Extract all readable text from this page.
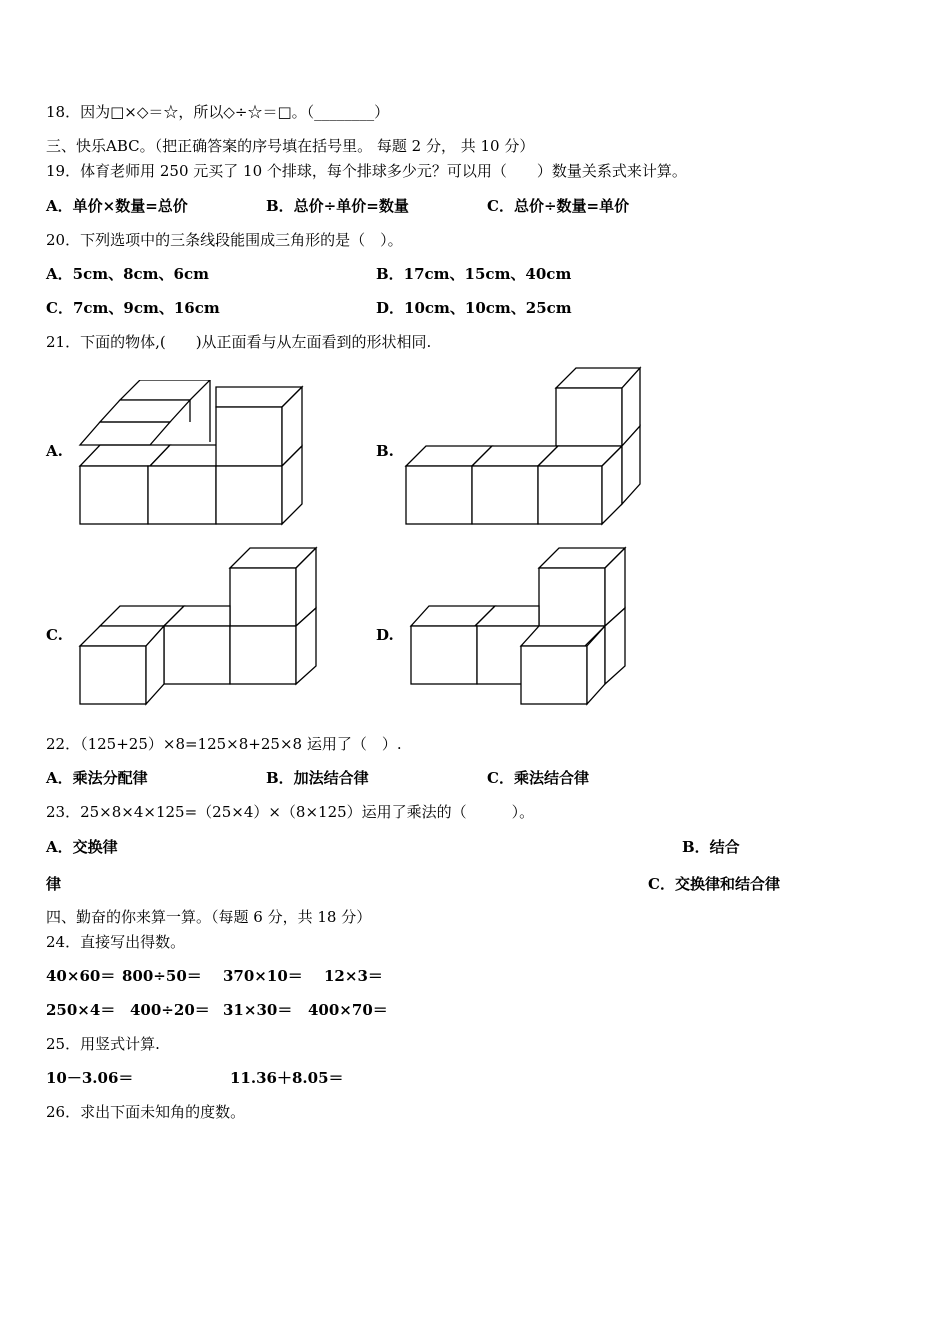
18．因为□×◇＝☆，所以◇÷☆＝□。（________）
三、快乐ABC。（把正确答案的序号填在括号里。 每题 2 分， 共 10 分）
19．体育老师用 250 元买了 10 个排球，每个排球多少元？可以用（　　）数量关系式来计算。
A．单价×数量=总价	B．总价÷单价=数量	C．总价÷数量=单价
20．下列选项中的三条线段能围成三角形的是（　）。
A．5cm、8cm、6cm	B．17cm、15cm、40cm
C．7cm、9cm、16cm	D．10cm、10cm、25cm
21．下面的物体,(　　)从正面看与从左面看到的形状相同.
A.	B.
C.	D.
22．（125+25）×8=125×8+25×8 运用了（　）.
A．乘法分配律	B．加法结合律	C．乘法结合律
23．25×8×4×125=（25×4）×（8×125）运用了乘法的（　　　）。
A．交换律	B．结合
律	C．交换律和结合律
四、勤奋的你来算一算。（每题 6 分，共 18 分）
24．直接写出得数。
40×60＝ 800÷50＝ 370×10＝ 12×3＝
250×4＝ 400÷20＝ 31×30＝ 400×70＝
25．用竖式计算.
10－3.06＝	11.36＋8.05＝
26．求出下面未知角的度数。
